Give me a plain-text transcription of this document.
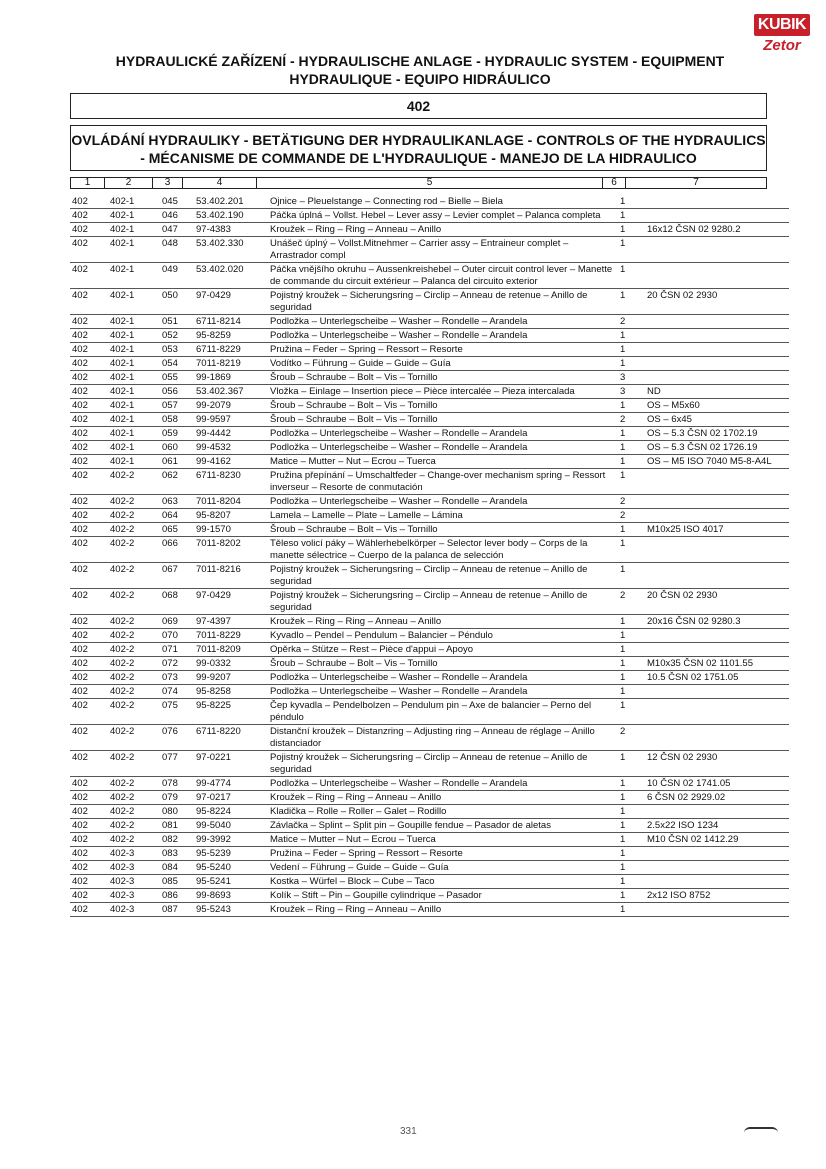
HYDRAULICKÉ ZAŘÍZENÍ - HYDRAULISCHE ANLAGE - HYDRAULIC SYSTEM - EQUIPMENT
HYDRAULIQUE - EQUIPO HIDRÁULICO
KUBIK
Zetor
402
OVLÁDÁNÍ HYDRAULIKY - BETÄTIGUNG DER HYDRAULIKANLAGE - CONTROLS OF THE HYDRAULICS
- MÉCANISME DE COMMANDE DE L'HYDRAULIQUE - MANEJO DE LA HIDRAULICO
1	2	3	4	5	6	7
402	402-1	045	53.402.201	Ojnice – Pleuelstange – Connecting rod – Bielle – Biela	1	
402	402-1	046	53.402.190	Páčka úplná – Vollst. Hebel – Lever assy – Levier complet – Palanca completa	1	
402	402-1	047	97-4383	Kroužek – Ring – Ring – Anneau – Anillo	1	16x12 ČSN 02 9280.2
402	402-1	048	53.402.330	Unášeč úplný – Vollst.Mitnehmer – Carrier assy – Entraineur complet – Arrastrador compl	1	
402	402-1	049	53.402.020	Páčka vnějšího okruhu – Aussenkreishebel – Outer circuit control lever – Manette de commande du circuit extérieur – Palanca del circuito exterior	1	
402	402-1	050	97-0429	Pojistný kroužek – Sicherungsring – Circlip – Anneau de retenue – Anillo de seguridad	1	20 ČSN 02 2930
402	402-1	051	6711-8214	Podložka – Unterlegscheibe – Washer – Rondelle – Arandela	2	
402	402-1	052	95-8259	Podložka – Unterlegscheibe – Washer – Rondelle – Arandela	1	
402	402-1	053	6711-8229	Pružina – Feder – Spring – Ressort – Resorte	1	
402	402-1	054	7011-8219	Vodítko – Führung – Guide – Guide – Guía	1	
402	402-1	055	99-1869	Šroub – Schraube – Bolt – Vis – Tornillo	3	
402	402-1	056	53.402.367	Vložka – Einlage – Insertion piece – Pièce intercalée – Pieza intercalada	3	ND
402	402-1	057	99-2079	Šroub – Schraube – Bolt – Vis – Tornillo	1	OS – M5x60
402	402-1	058	99-9597	Šroub – Schraube – Bolt – Vis – Tornillo	2	OS – 6x45
402	402-1	059	99-4442	Podložka – Unterlegscheibe – Washer – Rondelle – Arandela	1	OS – 5.3 ČSN 02 1702.19
402	402-1	060	99-4532	Podložka – Unterlegscheibe – Washer – Rondelle – Arandela	1	OS – 5.3 ČSN 02 1726.19
402	402-1	061	99-4162	Matice – Mutter – Nut – Ecrou – Tuerca	1	OS – M5 ISO 7040 M5-8-A4L
402	402-2	062	6711-8230	Pružina přepínání – Umschaltfeder – Change-over mechanism spring – Ressort inverseur – Resorte de conmutación	1	
402	402-2	063	7011-8204	Podložka – Unterlegscheibe – Washer – Rondelle – Arandela	2	
402	402-2	064	95-8207	Lamela – Lamelle – Plate – Lamelle – Lámina	2	
402	402-2	065	99-1570	Šroub – Schraube – Bolt – Vis – Tornillo	1	M10x25 ISO 4017
402	402-2	066	7011-8202	Těleso volicí páky – Wählerhebelkörper – Selector lever body – Corps de la manette sélectrice – Cuerpo de la palanca de selección	1	
402	402-2	067	7011-8216	Pojistný kroužek – Sicherungsring – Circlip – Anneau de retenue – Anillo de seguridad	1	
402	402-2	068	97-0429	Pojistný kroužek – Sicherungsring – Circlip – Anneau de retenue – Anillo de seguridad	2	20 ČSN 02 2930
402	402-2	069	97-4397	Kroužek – Ring – Ring – Anneau – Anillo	1	20x16 ČSN 02 9280.3
402	402-2	070	7011-8229	Kyvadlo – Pendel – Pendulum – Balancier – Péndulo	1	
402	402-2	071	7011-8209	Opěrka – Stütze – Rest – Pièce d'appui – Apoyo	1	
402	402-2	072	99-0332	Šroub – Schraube – Bolt – Vis – Tornillo	1	M10x35 ČSN 02 1101.55
402	402-2	073	99-9207	Podložka – Unterlegscheibe – Washer – Rondelle – Arandela	1	10.5 ČSN 02 1751.05
402	402-2	074	95-8258	Podložka – Unterlegscheibe – Washer – Rondelle – Arandela	1	
402	402-2	075	95-8225	Čep kyvadla – Pendelbolzen – Pendulum pin – Axe de balancier – Perno del péndulo	1	
402	402-2	076	6711-8220	Distanční kroužek – Distanzring – Adjusting ring – Anneau de réglage – Anillo distanciador	2	
402	402-2	077	97-0221	Pojistný kroužek – Sicherungsring – Circlip – Anneau de retenue – Anillo de seguridad	1	12 ČSN 02 2930
402	402-2	078	99-4774	Podložka – Unterlegscheibe – Washer – Rondelle – Arandela	1	10 ČSN 02 1741.05
402	402-2	079	97-0217	Kroužek – Ring – Ring – Anneau – Anillo	1	6 ČSN 02 2929.02
402	402-2	080	95-8224	Kladička – Rolle – Roller – Galet – Rodillo	1	
402	402-2	081	99-5040	Závlačka – Splint – Split pin – Goupille fendue – Pasador de aletas	1	2.5x22 ISO 1234
402	402-2	082	99-3992	Matice – Mutter – Nut – Ecrou – Tuerca	1	M10 ČSN 02 1412.29
402	402-3	083	95-5239	Pružina – Feder – Spring – Ressort – Resorte	1	
402	402-3	084	95-5240	Vedení – Führung – Guide – Guide – Guía	1	
402	402-3	085	95-5241	Kostka – Würfel – Block – Cube – Taco	1	
402	402-3	086	99-8693	Kolík – Stift – Pin – Goupille cylindrique – Pasador	1	2x12 ISO 8752
402	402-3	087	95-5243	Kroužek – Ring – Ring – Anneau – Anillo	1	
331
